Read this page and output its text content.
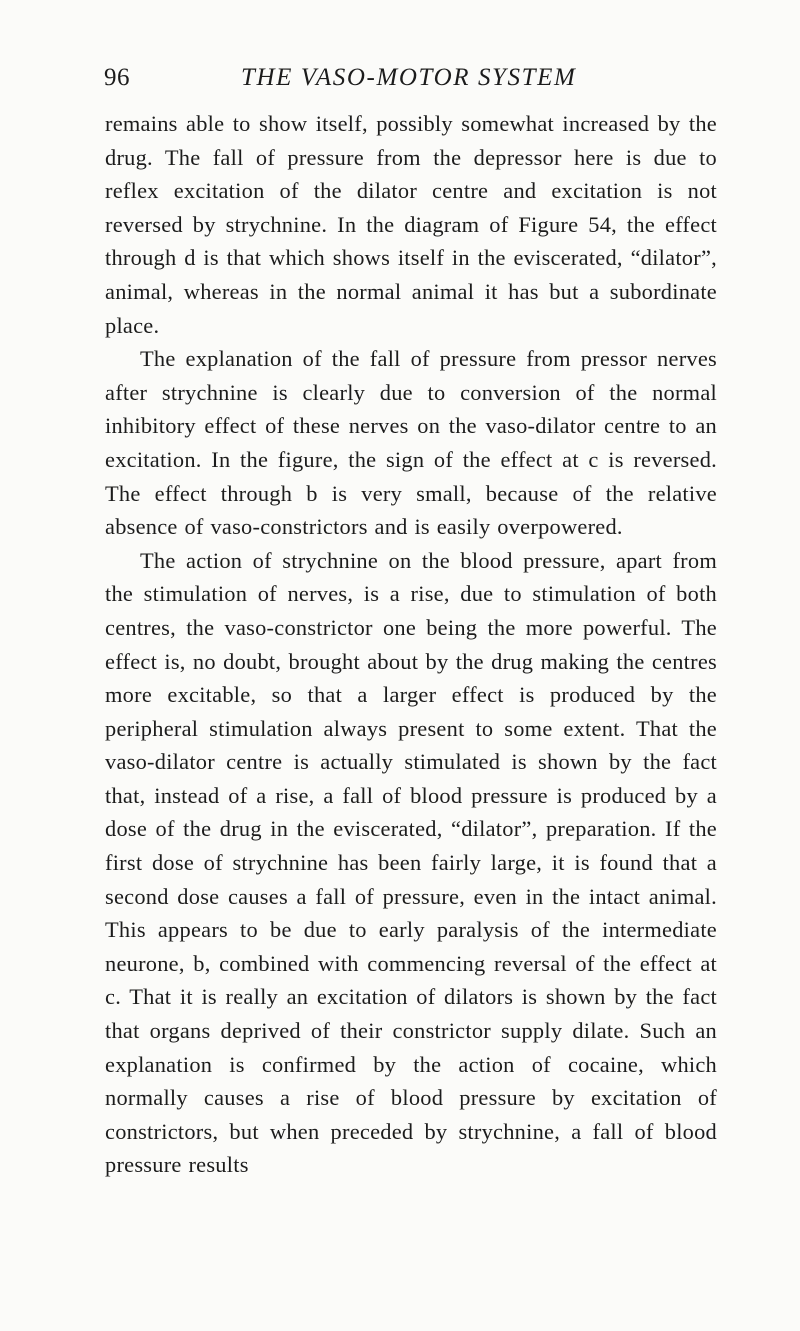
96	THE VASO-MOTOR SYSTEM

remains able to show itself, possibly somewhat increased by the drug. The fall of pressure from the depressor here is due to reflex excitation of the dilator centre and excitation is not reversed by strychnine. In the diagram of Figure 54, the effect through d is that which shows itself in the eviscerated, “dilator”, animal, whereas in the normal animal it has but a subordinate place.

The explanation of the fall of pressure from pressor nerves after strychnine is clearly due to conversion of the normal inhibitory effect of these nerves on the vaso-dilator centre to an excitation. In the figure, the sign of the effect at c is reversed. The effect through b is very small, because of the relative absence of vaso-constrictors and is easily overpowered.

The action of strychnine on the blood pressure, apart from the stimulation of nerves, is a rise, due to stimulation of both centres, the vaso-constrictor one being the more powerful. The effect is, no doubt, brought about by the drug making the centres more excitable, so that a larger effect is produced by the peripheral stimulation always present to some extent. That the vaso-dilator centre is actually stimulated is shown by the fact that, instead of a rise, a fall of blood pressure is produced by a dose of the drug in the eviscerated, “dilator”, preparation. If the first dose of strychnine has been fairly large, it is found that a second dose causes a fall of pressure, even in the intact animal. This appears to be due to early paralysis of the intermediate neurone, b, combined with commencing reversal of the effect at c. That it is really an excitation of dilators is shown by the fact that organs deprived of their constrictor supply dilate. Such an explanation is confirmed by the action of cocaine, which normally causes a rise of blood pressure by excitation of constrictors, but when preceded by strychnine, a fall of blood pressure results
